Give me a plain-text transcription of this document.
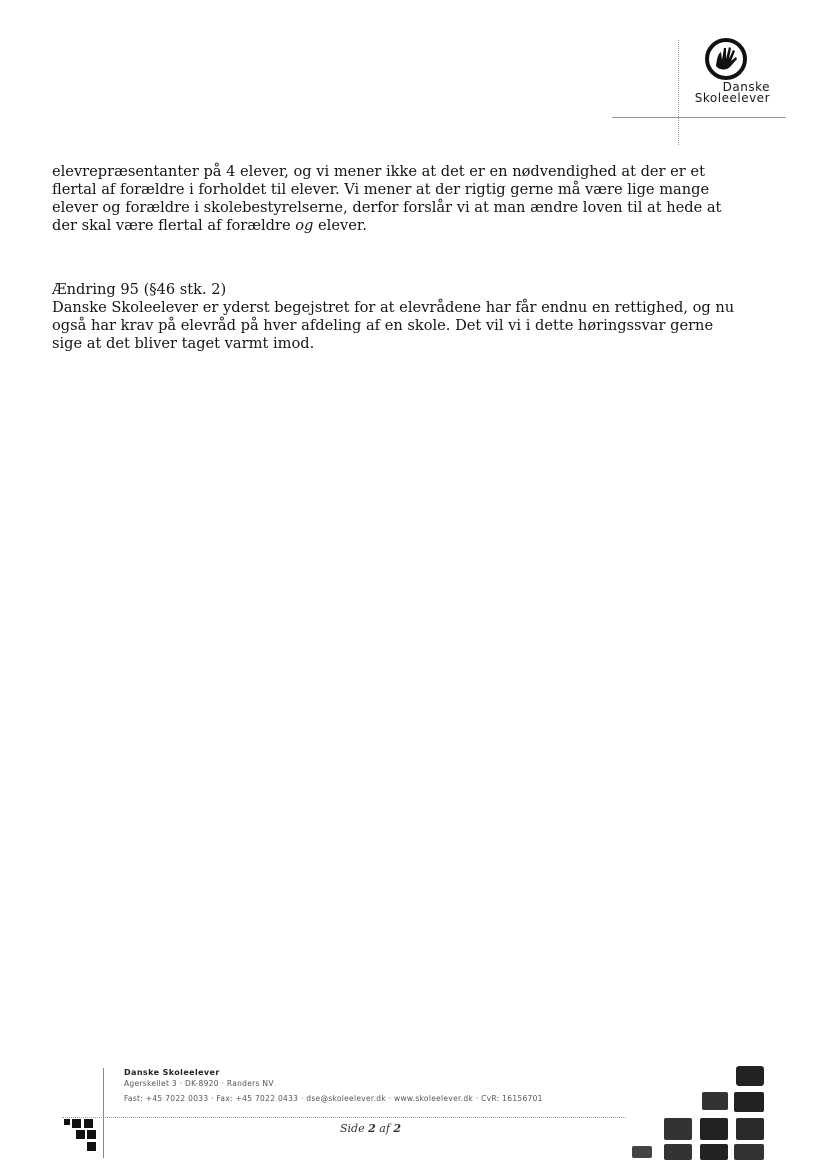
Danske
Skoleelever
elevrepræsentanter på 4 elever, og vi mener ikke at det er en nødvendighed at der er et
flertal af forældre i forholdet til elever. Vi mener at der rigtig gerne må være lige mange
elever og forældre i skolebestyrelserne, derfor forslår vi at man ændre loven til at hede at
der skal være flertal af forældre og elever.
Ændring 95 (§46 stk. 2)
Danske Skoleelever er yderst begejstret for at elevrådene har får endnu en rettighed, og nu
også har krav på elevråd på hver afdeling af en skole. Det vil vi i dette høringssvar gerne
sige at det bliver taget varmt imod.
Danske Skoleelever
Agerskellet 3 · DK-8920 · Randers NV
Fast: +45 7022 0033 · Fax: +45 7022 0433 · dse@skoleelever.dk · www.skoleelever.dk · CvR: 16156701
Side 2 af 2
